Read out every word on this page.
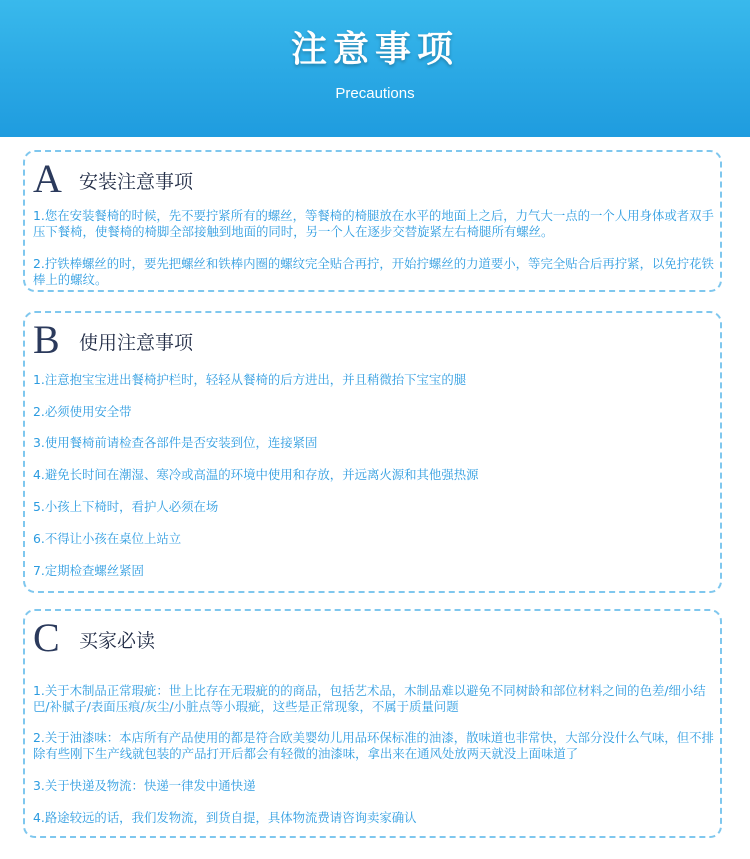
注意事项
Precautions
A 安装注意事项
1.您在安装餐椅的时候，先不要拧紧所有的螺丝，等餐椅的椅腿放在水平的地面上之后，力气大一点的一个人用身体或者双手压下餐椅，使餐椅的椅脚全部接触到地面的同时，另一个人在逐步交替旋紧左右椅腿所有螺丝。
2.拧铁棒螺丝的时，要先把螺丝和铁棒内圈的螺纹完全贴合再拧，开始拧螺丝的力道要小，等完全贴合后再拧紧，以免拧花铁棒上的螺纹。
B 使用注意事项
1.注意抱宝宝进出餐椅护栏时，轻轻从餐椅的后方进出，并且稍微抬下宝宝的腿
2.必须使用安全带
3.使用餐椅前请检查各部件是否安装到位，连接紧固
4.避免长时间在潮湿、寒冷或高温的环境中使用和存放，并远离火源和其他强热源
5.小孩上下椅时，看护人必须在场
6.不得让小孩在桌位上站立
7.定期检查螺丝紧固
C 买家必读
1.关于木制品正常瑕疵：世上比存在无瑕疵的的商品，包括艺术品，木制品难以避免不同树龄和部位材料之间的色差/细小结巴/补腻子/表面压痕/灰尘/小脏点等小瑕疵，这些是正常现象，不属于质量问题
2.关于油漆味：本店所有产品使用的都是符合欧美婴幼儿用品环保标准的油漆，散味道也非常快，大部分没什么气味，但不排除有些刚下生产线就包装的产品打开后都会有轻微的油漆味，拿出来在通风处放两天就没上面味道了
3.关于快递及物流：快递一律发中通快递
4.路途较远的话，我们发物流，到货自提，具体物流费请咨询卖家确认
